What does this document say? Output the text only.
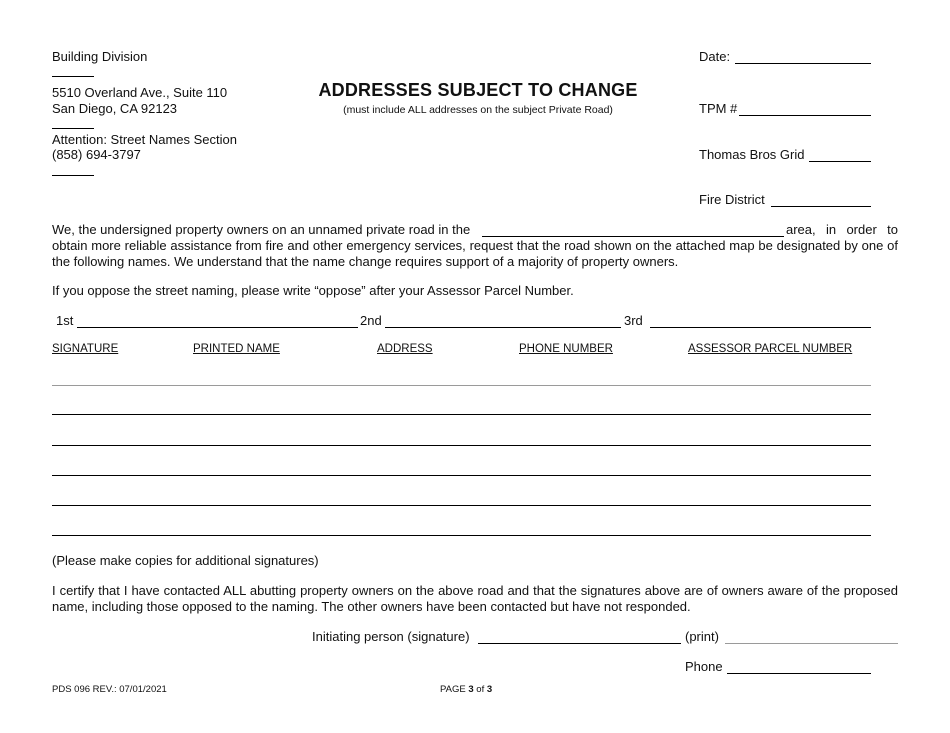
Building Division
5510 Overland Ave., Suite 110
San Diego, CA 92123
Attention: Street Names Section
(858) 694-3797
ADDRESSES SUBJECT TO CHANGE
(must include ALL addresses on the subject Private Road)
Date:
TPM #
Thomas Bros Grid
Fire District
We, the undersigned property owners on an unnamed private road in the	area, in order to obtain more reliable assistance from fire and other emergency services, request that the road shown on the attached map be designated by one of the following names. We understand that the name change requires support of a majority of property owners.
If you oppose the street naming, please write “oppose” after your Assessor Parcel Number.
1st	2nd	3rd
SIGNATURE	PRINTED NAME	ADDRESS	PHONE NUMBER	ASSESSOR PARCEL NUMBER
(Please make copies for additional signatures)
I certify that I have contacted ALL abutting property owners on the above road and that the signatures above are of owners aware of the proposed name, including those opposed to the naming. The other owners have been contacted but have not responded.
Initiating person (signature)	(print)
Phone
PDS 096 REV.: 07/01/2021	PAGE 3 of 3
